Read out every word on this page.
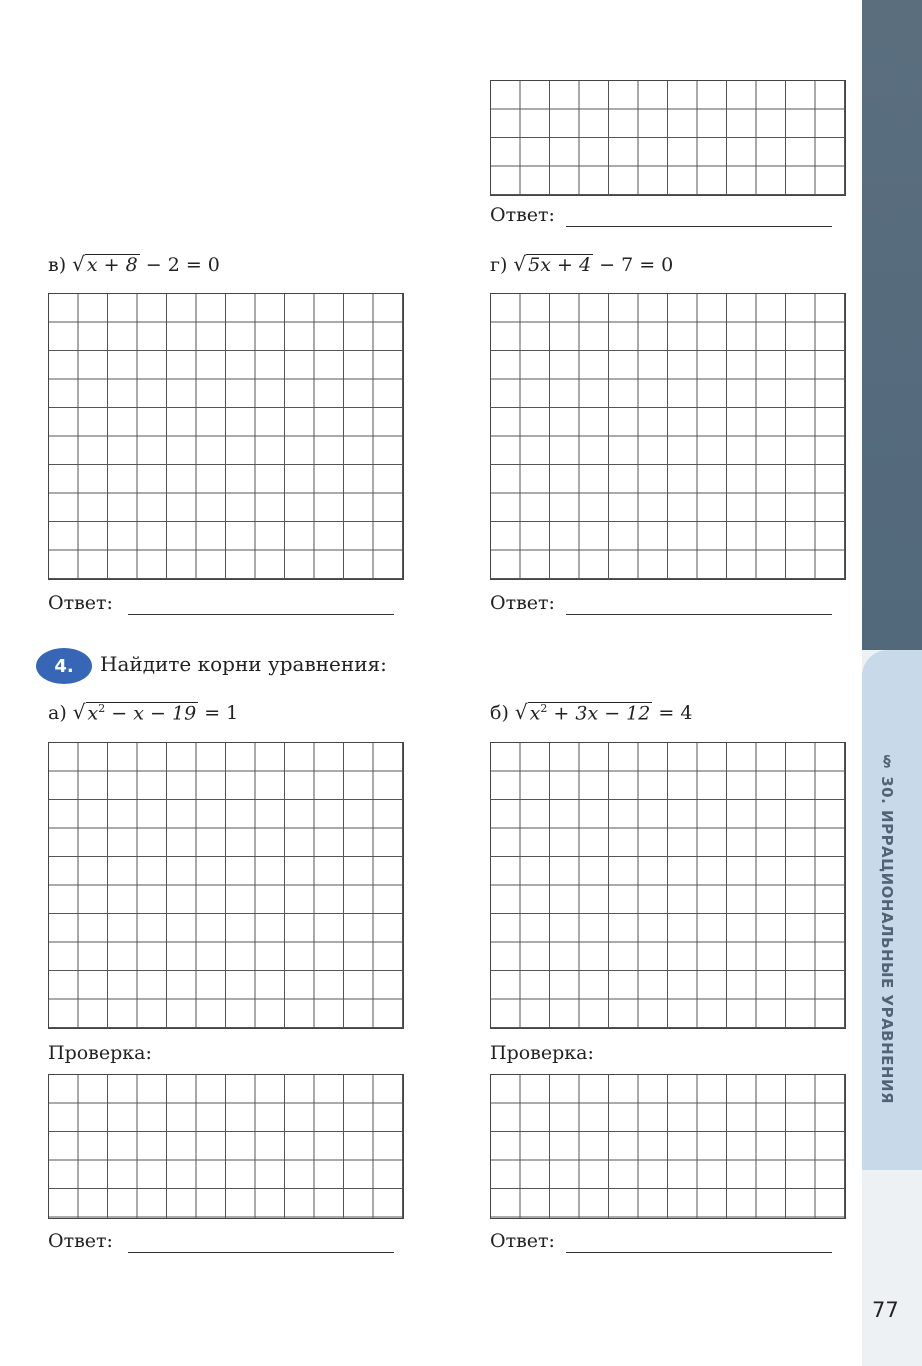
§ 30. ИРРАЦИОНАЛЬНЫЕ УРАВНЕНИЯ
77
Ответ:
в) √ x + 8 − 2 = 0
Ответ:
г) √ 5x + 4 − 7 = 0
Ответ:
4.	Найдите корни уравнения:
а) √ $x^2 - x - 19 = 1$
Проверка:
Ответ:
б) √ $x^2 + 3x - 12 = 4$
Проверка:
Ответ:
